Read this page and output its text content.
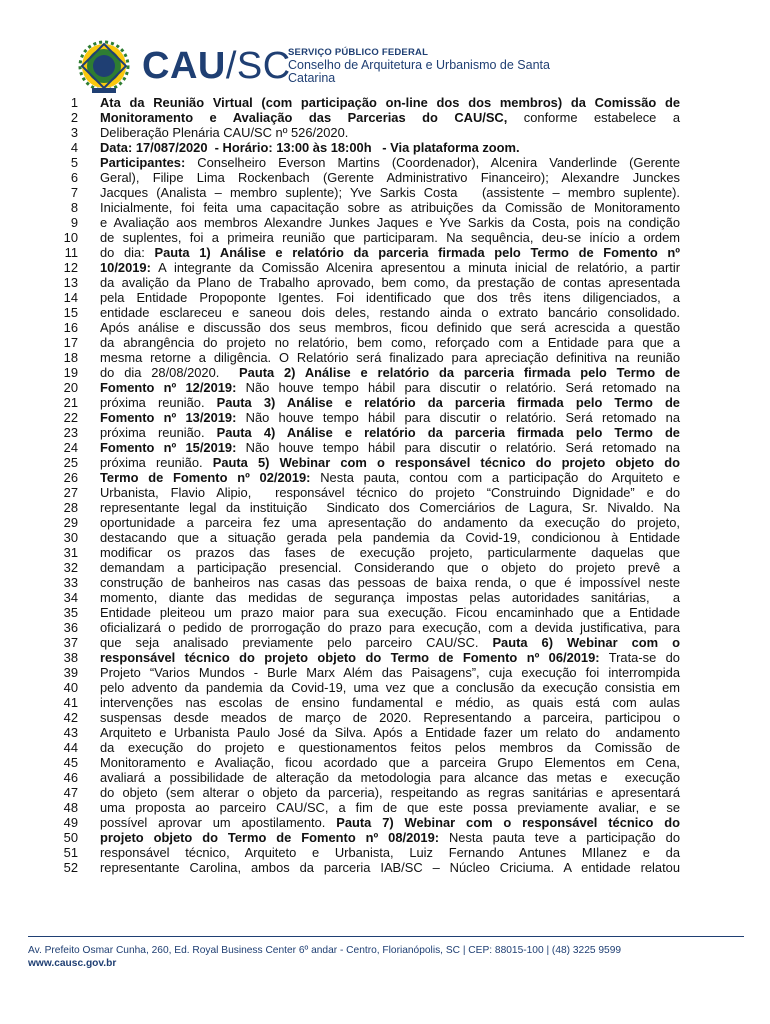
CAU/SC
SERVIÇO PÚBLICO FEDERAL
Conselho de Arquitetura e Urbanismo de Santa Catarina
1 Ata da Reunião Virtual (com participação on-line dos dos membros) da Comissão de
2 Monitoramento e Avaliação das Parcerias do CAU/SC, conforme estabelece a
3 Deliberação Plenária CAU/SC nº 526/2020.
4 Data: 17/087/2020  - Horário: 13:00 às 18:00h   - Via plataforma zoom.
5 Participantes: Conselheiro Everson Martins (Coordenador), Alcenira Vanderlinde (Gerente
6 Geral), Filipe Lima Rockenbach (Gerente Administrativo Financeiro); Alexandre Junckes
7 Jacques (Analista – membro suplente); Yve Sarkis Costa   (assistente – membro suplente).
8 Inicialmente, foi feita uma capacitação sobre as atribuições da Comissão de Monitoramento
9 e Avaliação aos membros Alexandre Junkes Jaques e Yve Sarkis da Costa, pois na condição
10 de suplentes, foi a primeira reunião que participaram. Na sequência, deu-se início a ordem
11 do dia: Pauta 1) Análise e relatório da parceria firmada pelo Termo de Fomento nº
12 10/2019: A integrante da Comissão Alcenira apresentou a minuta inicial de relatório, a partir
13 da avalição da Plano de Trabalho aprovado, bem como, da prestação de contas apresentada
14 pela Entidade Propoponte Igentes. Foi identificado que dos três itens diligenciados, a
15 entidade esclareceu e saneou dois deles, restando ainda o extrato bancário consolidado.
16 Após análise e discussão dos seus membros, ficou definido que será acrescida a questão
17 da abrangência do projeto no relatório, bem como, reforçado com a Entidade para que a
18 mesma retorne a diligência. O Relatório será finalizado para apreciação definitiva na reunião
19 do dia 28/08/2020.  Pauta 2) Análise e relatório da parceria firmada pelo Termo de
20 Fomento nº 12/2019: Não houve tempo hábil para discutir o relatório. Será retomado na
21 próxima reunião. Pauta 3) Análise e relatório da parceria firmada pelo Termo de
22 Fomento nº 13/2019: Não houve tempo hábil para discutir o relatório. Será retomado na
23 próxima reunião. Pauta 4) Análise e relatório da parceria firmada pelo Termo de
24 Fomento nº 15/2019: Não houve tempo hábil para discutir o relatório. Será retomado na
25 próxima reunião. Pauta 5) Webinar com o responsável técnico do projeto objeto do
26 Termo de Fomento nº 02/2019: Nesta pauta, contou com a participação do Arquiteto e
27 Urbanista, Flavio Alipio,  responsável técnico do projeto “Construindo Dignidade” e do
28 representante legal da instituição  Sindicato dos Comerciários de Lagura, Sr. Nivaldo. Na
29 oportunidade a parceira fez uma apresentação do andamento da execução do projeto,
30 destacando que a situação gerada pela pandemia da Covid-19, condicionou à Entidade
31 modificar os prazos das fases de execução projeto, particularmente daquelas que
32 demandam a participação presencial. Considerando que o objeto do projeto prevê a
33 construção de banheiros nas casas das pessoas de baixa renda, o que é impossível neste
34 momento, diante das medidas de segurança impostas pelas autoridades sanitárias,  a
35 Entidade pleiteou um prazo maior para sua execução. Ficou encaminhado que a Entidade
36 oficializará o pedido de prorrogação do prazo para execução, com a devida justificativa, para
37 que seja analisado previamente pelo parceiro CAU/SC. Pauta 6) Webinar com o
38 responsável técnico do projeto objeto do Termo de Fomento nº 06/2019: Trata-se do
39 Projeto “Varios Mundos - Burle Marx Além das Paisagens”, cuja execução foi interrompida
40 pelo advento da pandemia da Covid-19, uma vez que a conclusão da execução consistia em
41 intervenções nas escolas de ensino fundamental e médio, as quais está com aulas
42 suspensas desde meados de março de 2020. Representando a parceira, participou o
43 Arquiteto e Urbanista Paulo José da Silva. Após a Entidade fazer um relato do  andamento
44 da execução do projeto e questionamentos feitos pelos membros da Comissão de
45 Monitoramento e Avaliação, ficou acordado que a parceira Grupo Elementos em Cena,
46 avaliará a possibilidade de alteração da metodologia para alcance das metas e  execução
47 do objeto (sem alterar o objeto da parceria), respeitando as regras sanitárias e apresentará
48 uma proposta ao parceiro CAU/SC, a fim de que este possa previamente avaliar, e se
49 possível aprovar um apostilamento. Pauta 7) Webinar com o responsável técnico do
50 projeto objeto do Termo de Fomento nº 08/2019: Nesta pauta teve a participação do
51 responsável técnico, Arquiteto e Urbanista, Luiz Fernando Antunes MIlanez e da
52 representante Carolina, ambos da parceria IAB/SC – Núcleo Criciuma. A entidade relatou
Av. Prefeito Osmar Cunha, 260, Ed. Royal Business Center 6º andar - Centro, Florianópolis, SC | CEP: 88015-100 | (48) 3225 9599
www.causc.gov.br
